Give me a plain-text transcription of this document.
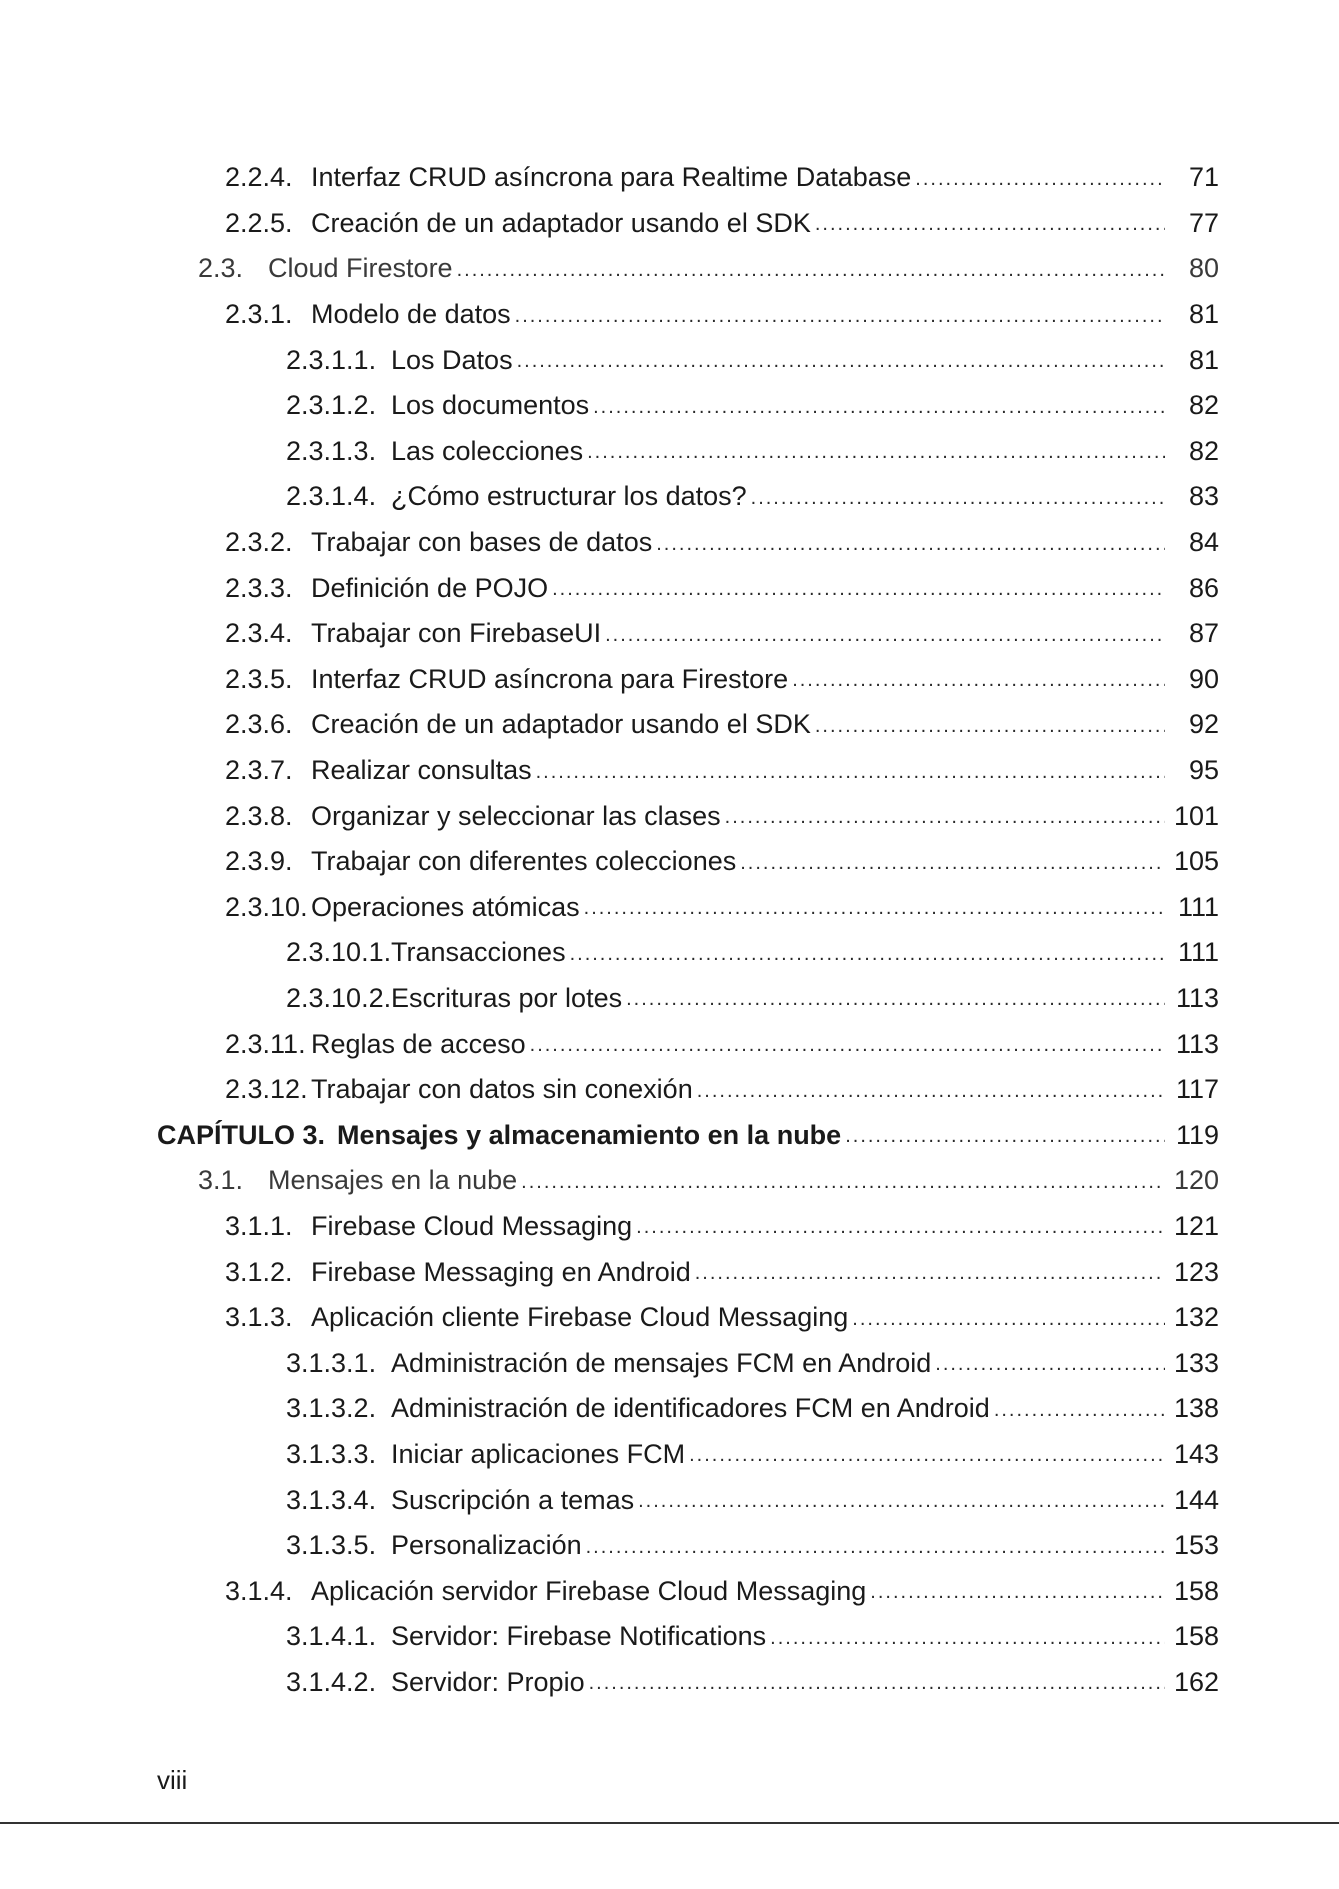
2.2.4. Interfaz CRUD asíncrona para Realtime Database .....	71
2.2.5. Creación de un adaptador usando el SDK .....	77
2.3. Cloud Firestore .....	80
2.3.1. Modelo de datos .....	81
2.3.1.1. Los Datos .....	81
2.3.1.2. Los documentos .....	82
2.3.1.3. Las colecciones .....	82
2.3.1.4. ¿Cómo estructurar los datos? .....	83
2.3.2. Trabajar con bases de datos .....	84
2.3.3. Definición de POJO .....	86
2.3.4. Trabajar con FirebaseUI .....	87
2.3.5. Interfaz CRUD asíncrona para Firestore .....	90
2.3.6. Creación de un adaptador usando el SDK .....	92
2.3.7. Realizar consultas .....	95
2.3.8. Organizar y seleccionar las clases .....	101
2.3.9. Trabajar con diferentes colecciones .....	105
2.3.10. Operaciones atómicas .....	111
2.3.10.1. Transacciones .....	111
2.3.10.2. Escrituras por lotes .....	113
2.3.11. Reglas de acceso .....	113
2.3.12. Trabajar con datos sin conexión .....	117
CAPÍTULO 3. Mensajes y almacenamiento en la nube .....	119
3.1. Mensajes en la nube .....	120
3.1.1. Firebase Cloud Messaging .....	121
3.1.2. Firebase Messaging en Android .....	123
3.1.3. Aplicación cliente Firebase Cloud Messaging .....	132
3.1.3.1. Administración de mensajes FCM en Android .....	133
3.1.3.2. Administración de identificadores FCM en Android .....	138
3.1.3.3. Iniciar aplicaciones FCM .....	143
3.1.3.4. Suscripción a temas .....	144
3.1.3.5. Personalización .....	153
3.1.4. Aplicación servidor Firebase Cloud Messaging .....	158
3.1.4.1. Servidor: Firebase Notifications .....	158
3.1.4.2. Servidor: Propio .....	162
viii
